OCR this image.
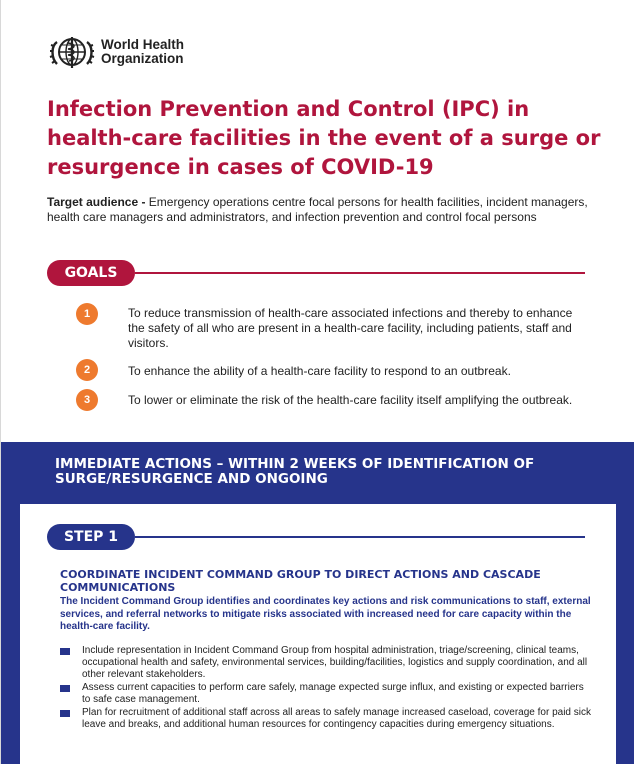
World Health
Organization
Infection Prevention and Control (IPC) in health-care facilities in the event of a surge or resurgence in cases of COVID-19

Target audience - Emergency operations centre focal persons for health facilities, incident managers, health care managers and administrators, and infection prevention and control focal persons

GOALS
1	To reduce transmission of health-care associated infections and thereby to enhance the safety of all who are present in a health-care facility, including patients, staff and visitors.

2	To enhance the ability of a health-care facility to respond to an outbreak.

3	To lower or eliminate the risk of the health-care facility itself amplifying the outbreak.

IMMEDIATE ACTIONS – WITHIN 2 WEEKS OF IDENTIFICATION OF SURGE/RESURGENCE AND ONGOING
STEP 1
COORDINATE INCIDENT COMMAND GROUP TO DIRECT ACTIONS AND CASCADE COMMUNICATIONS

The Incident Command Group identifies and coordinates key actions and risk communications to staff, external services, and referral networks to mitigate risks associated with increased need for care capacity within the health-care facility.

Include representation in Incident Command Group from hospital administration, triage/screening, clinical teams, occupational health and safety, environmental services, building/facilities, logistics and supply coordination, and all other relevant stakeholders.

Assess current capacities to perform care safely, manage expected surge influx, and existing or expected barriers to safe case management.

Plan for recruitment of additional staff across all areas to safely manage increased caseload, coverage for paid sick leave and breaks, and additional human resources for contingency capacities during emergency situations.
